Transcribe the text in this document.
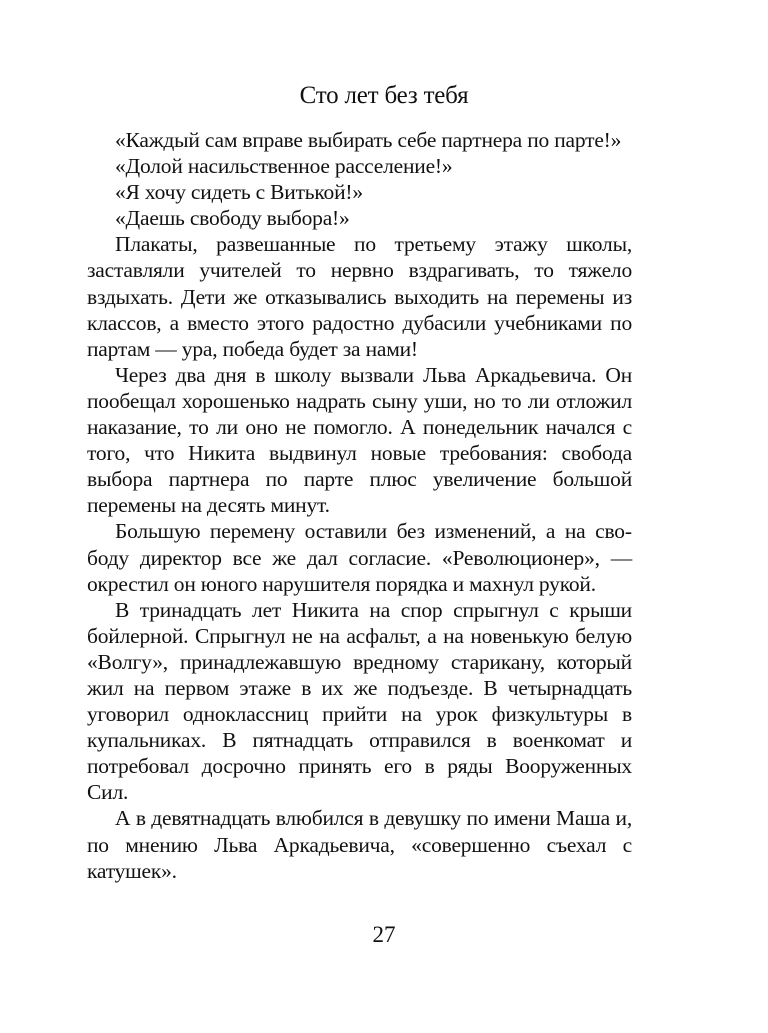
Сто лет без тебя

«Каждый сам вправе выбирать себе партнера по парте!»

«Долой насильственное расселение!»

«Я хочу сидеть с Витькой!»

«Даешь свободу выбора!»

Плакаты, развешанные по третьему этажу школы, заставляли учителей то нервно вздрагивать, то тяжело вздыхать. Дети же отказывались выходить на перемены из классов, а вместо этого радостно дубасили учебниками по партам — ура, победа будет за нами!

Через два дня в школу вызвали Льва Аркадьевича. Он пообещал хорошенько надрать сыну уши, но то ли отложил наказание, то ли оно не помогло. А понедельник начался с того, что Никита выдвинул новые требования: свобода выбора партнера по парте плюс увеличение большой перемены на десять минут.

Большую перемену оставили без изменений, а на свободу директор все же дал согласие. «Революционер», — окрестил он юного нарушителя порядка и махнул рукой.

В тринадцать лет Никита на спор спрыгнул с крыши бойлерной. Спрыгнул не на асфальт, а на новенькую белую «Волгу», принадлежавшую вредному старикану, который жил на первом этаже в их же подъезде. В четырнадцать уговорил одноклассниц прийти на урок физкультуры в купальниках. В пятнадцать отправился в военкомат и потребовал досрочно принять его в ряды Вооруженных Сил.

А в девятнадцать влюбился в девушку по имени Маша и, по мнению Льва Аркадьевича, «совершенно съехал с катушек».

27
